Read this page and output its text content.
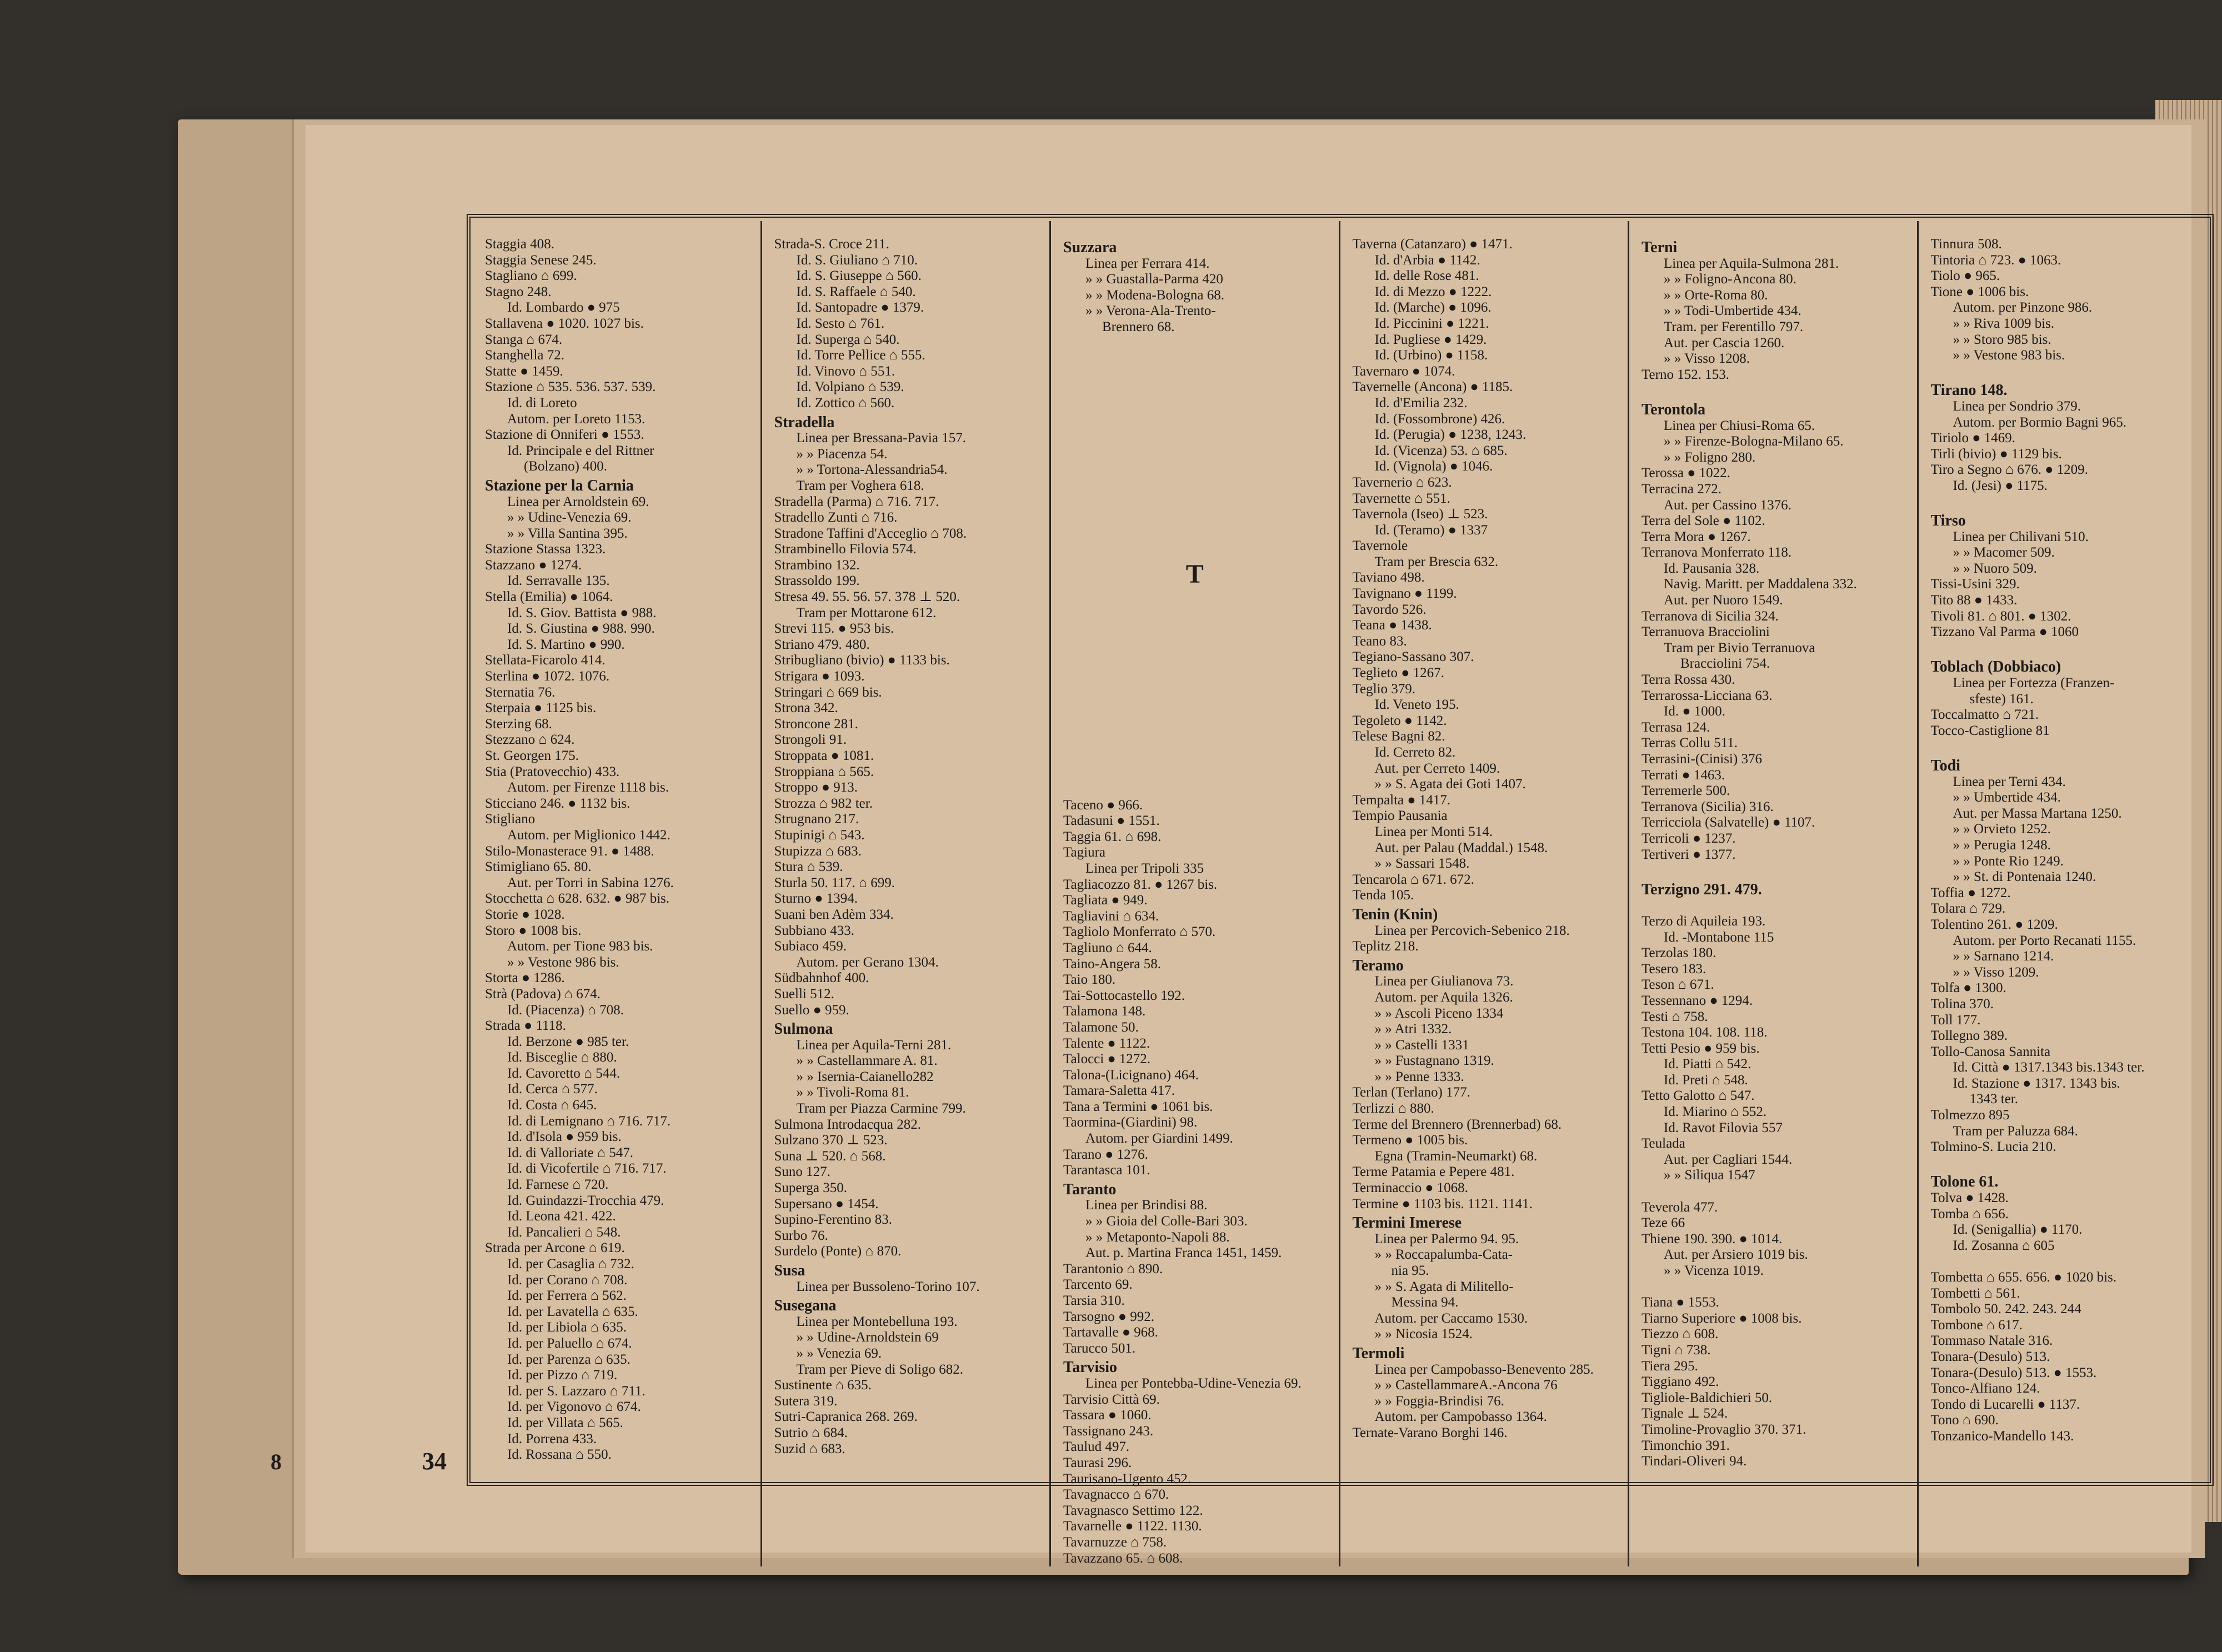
Staggia 408.
Staggia Senese 245.
Stagliano ⌂ 699.
Stagno 248.
Id. Lombardo ● 975
Stallavena ● 1020. 1027 bis.
Stanga ⌂ 674.
Stanghella 72.
Statte ● 1459.
Stazione ⌂ 535. 536. 537. 539.
Id. di Loreto
Autom. per Loreto 1153.
Stazione di Onniferi ● 1553.
Id. Principale e del Rittner
(Bolzano) 400.
Stazione per la Carnia
Linea per Arnoldstein 69.
» » Udine-Venezia 69.
» » Villa Santina 395.
Stazione Stassa 1323.
Stazzano ● 1274.
Id. Serravalle 135.
Stella (Emilia) ● 1064.
Id. S. Giov. Battista ● 988.
Id. S. Giustina ● 988. 990.
Id. S. Martino ● 990.
Stellata-Ficarolo 414.
Sterlina ● 1072. 1076.
Sternatia 76.
Sterpaia ● 1125 bis.
Sterzing 68.
Stezzano ⌂ 624.
St. Georgen 175.
Stia (Pratovecchio) 433.
Autom. per Firenze 1118 bis.
Sticciano 246. ● 1132 bis.
Stigliano
Autom. per Miglionico 1442.
Stilo-Monasterace 91. ● 1488.
Stimigliano 65. 80.
Aut. per Torri in Sabina 1276.
Stocchetta ⌂ 628. 632. ● 987 bis.
Storie ● 1028.
Storo ● 1008 bis.
Autom. per Tione 983 bis.
» » Vestone 986 bis.
Storta ● 1286.
Strà (Padova) ⌂ 674.
Id. (Piacenza) ⌂ 708.
Strada ● 1118.
Id. Berzone ● 985 ter.
Id. Bisceglie ⌂ 880.
Id. Cavoretto ⌂ 544.
Id. Cerca ⌂ 577.
Id. Costa ⌂ 645.
Id. di Lemignano ⌂ 716. 717.
Id. d'Isola ● 959 bis.
Id. di Valloriate ⌂ 547.
Id. di Vicofertile ⌂ 716. 717.
Id. Farnese ⌂ 720.
Id. Guindazzi-Trocchia 479.
Id. Leona 421. 422.
Id. Pancalieri ⌂ 548.
Strada per Arcone ⌂ 619.
Id. per Casaglia ⌂ 732.
Id. per Corano ⌂ 708.
Id. per Ferrera ⌂ 562.
Id. per Lavatella ⌂ 635.
Id. per Libiola ⌂ 635.
Id. per Paluello ⌂ 674.
Id. per Parenza ⌂ 635.
Id. per Pizzo ⌂ 719.
Id. per S. Lazzaro ⌂ 711.
Id. per Vigonovo ⌂ 674.
Id. per Villata ⌂ 565.
Id. Porrena 433.
Id. Rossana ⌂ 550.
Strada-S. Croce 211.
Id. S. Giuliano ⌂ 710.
Id. S. Giuseppe ⌂ 560.
Id. S. Raffaele ⌂ 540.
Id. Santopadre ● 1379.
Id. Sesto ⌂ 761.
Id. Superga ⌂ 540.
Id. Torre Pellice ⌂ 555.
Id. Vinovo ⌂ 551.
Id. Volpiano ⌂ 539.
Id. Zottico ⌂ 560.
Stradella
Linea per Bressana-Pavia 157.
» » Piacenza 54.
» » Tortona-Alessandria54.
Tram per Voghera 618.
Stradella (Parma) ⌂ 716. 717.
Stradello Zunti ⌂ 716.
Stradone Taffini d'Acceglio ⌂ 708.
Strambinello Filovia 574.
Strambino 132.
Strassoldo 199.
Stresa 49. 55. 56. 57. 378 ⊥ 520.
Tram per Mottarone 612.
Strevi 115. ● 953 bis.
Striano 479. 480.
Stribugliano (bivio) ● 1133 bis.
Strigara ● 1093.
Stringari ⌂ 669 bis.
Strona 342.
Stroncone 281.
Strongoli 91.
Stroppata ● 1081.
Stroppiana ⌂ 565.
Stroppo ● 913.
Strozza ⌂ 982 ter.
Strugnano 217.
Stupinigi ⌂ 543.
Stupizza ⌂ 683.
Stura ⌂ 539.
Sturla 50. 117. ⌂ 699.
Sturno ● 1394.
Suani ben Adèm 334.
Subbiano 433.
Subiaco 459.
Autom. per Gerano 1304.
Südbahnhof 400.
Suelli 512.
Suello ● 959.
Sulmona
Linea per Aquila-Terni 281.
» » Castellammare A. 81.
» » Isernia-Caianello282
» » Tivoli-Roma 81.
Tram per Piazza Carmine 799.
Sulmona Introdacqua 282.
Sulzano 370 ⊥ 523.
Suna ⊥ 520. ⌂ 568.
Suno 127.
Superga 350.
Supersano ● 1454.
Supino-Ferentino 83.
Surbo 76.
Surdelo (Ponte) ⌂ 870.
Susa
Linea per Bussoleno-Torino 107.
Susegana
Linea per Montebelluna 193.
» » Udine-Arnoldstein 69
» » Venezia 69.
Tram per Pieve di Soligo 682.
Sustinente ⌂ 635.
Sutera 319.
Sutri-Capranica 268. 269.
Sutrio ⌂ 684.
Suzid ⌂ 683.
Suzzara
Linea per Ferrara 414.
» » Guastalla-Parma 420
» » Modena-Bologna 68.
» » Verona-Ala-Trento-
Brennero 68.
T
Taceno ● 966.
Tadasuni ● 1551.
Taggia 61. ⌂ 698.
Tagiura
Linea per Tripoli 335
Tagliacozzo 81. ● 1267 bis.
Tagliata ● 949.
Tagliavini ⌂ 634.
Tagliolo Monferrato ⌂ 570.
Tagliuno ⌂ 644.
Taino-Angera 58.
Taio 180.
Tai-Sottocastello 192.
Talamona 148.
Talamone 50.
Talente ● 1122.
Talocci ● 1272.
Talona-(Licignano) 464.
Tamara-Saletta 417.
Tana a Termini ● 1061 bis.
Taormina-(Giardini) 98.
Autom. per Giardini 1499.
Tarano ● 1276.
Tarantasca 101.
Taranto
Linea per Brindisi 88.
» » Gioia del Colle-Bari 303.
» » Metaponto-Napoli 88.
Aut. p. Martina Franca 1451, 1459.
Tarantonio ⌂ 890.
Tarcento 69.
Tarsia 310.
Tarsogno ● 992.
Tartavalle ● 968.
Tarucco 501.
Tarvisio
Linea per Pontebba-Udine-Venezia 69.
Tarvisio Città 69.
Tassara ● 1060.
Tassignano 243.
Taulud 497.
Taurasi 296.
Taurisano-Ugento 452.
Tavagnacco ⌂ 670.
Tavagnasco Settimo 122.
Tavarnelle ● 1122. 1130.
Tavarnuzze ⌂ 758.
Tavazzano 65. ⌂ 608.
Taverna (Catanzaro) ● 1471.
Id. d'Arbia ● 1142.
Id. delle Rose 481.
Id. di Mezzo ● 1222.
Id. (Marche) ● 1096.
Id. Piccinini ● 1221.
Id. Pugliese ● 1429.
Id. (Urbino) ● 1158.
Tavernaro ● 1074.
Tavernelle (Ancona) ● 1185.
Id. d'Emilia 232.
Id. (Fossombrone) 426.
Id. (Perugia) ● 1238, 1243.
Id. (Vicenza) 53. ⌂ 685.
Id. (Vignola) ● 1046.
Tavernerio ⌂ 623.
Tavernette ⌂ 551.
Tavernola (Iseo) ⊥ 523.
Id. (Teramo) ● 1337
Tavernole
Tram per Brescia 632.
Taviano 498.
Tavignano ● 1199.
Tavordo 526.
Teana ● 1438.
Teano 83.
Tegiano-Sassano 307.
Teglieto ● 1267.
Teglio 379.
Id. Veneto 195.
Tegoleto ● 1142.
Telese Bagni 82.
Id. Cerreto 82.
Aut. per Cerreto 1409.
» » S. Agata dei Goti 1407.
Tempalta ● 1417.
Tempio Pausania
Linea per Monti 514.
Aut. per Palau (Maddal.) 1548.
» » Sassari 1548.
Tencarola ⌂ 671. 672.
Tenda 105.
Tenin (Knin)
Linea per Percovich-Sebenico 218.
Teplitz 218.
Teramo
Linea per Giulianova 73.
Autom. per Aquila 1326.
» » Ascoli Piceno 1334
» » Atri 1332.
» » Castelli 1331
» » Fustagnano 1319.
» » Penne 1333.
Terlan (Terlano) 177.
Terlizzi ⌂ 880.
Terme del Brennero (Brennerbad) 68.
Termeno ● 1005 bis.
Egna (Tramin-Neumarkt) 68.
Terme Patamia e Pepere 481.
Terminaccio ● 1068.
Termine ● 1103 bis. 1121. 1141.
Termini Imerese
Linea per Palermo 94. 95.
» » Roccapalumba-Cata-
nia 95.
» » S. Agata di Militello-
Messina 94.
Autom. per Caccamo 1530.
» » Nicosia 1524.
Termoli
Linea per Campobasso-Benevento 285.
» » CastellammareA.-Ancona 76
» » Foggia-Brindisi 76.
Autom. per Campobasso 1364.
Ternate-Varano Borghi 146.
Terni
Linea per Aquila-Sulmona 281.
» » Foligno-Ancona 80.
» » Orte-Roma 80.
» » Todi-Umbertide 434.
Tram. per Ferentillo 797.
Aut. per Cascia 1260.
» » Visso 1208.
Terno 152. 153.
Terontola
Linea per Chiusi-Roma 65.
» » Firenze-Bologna-Milano 65.
» » Foligno 280.
Terossa ● 1022.
Terracina 272.
Aut. per Cassino 1376.
Terra del Sole ● 1102.
Terra Mora ● 1267.
Terranova Monferrato 118.
Id. Pausania 328.
Navig. Maritt. per Maddalena 332.
Aut. per Nuoro 1549.
Terranova di Sicilia 324.
Terranuova Bracciolini
Tram per Bivio Terranuova
Bracciolini 754.
Terra Rossa 430.
Terrarossa-Licciana 63.
Id. ● 1000.
Terrasa 124.
Terras Collu 511.
Terrasini-(Cinisi) 376
Terrati ● 1463.
Terremerle 500.
Terranova (Sicilia) 316.
Terricciola (Salvatelle) ● 1107.
Terricoli ● 1237.
Tertiveri ● 1377.
Terzigno 291. 479.
Terzo di Aquileia 193.
Id. -Montabone 115
Terzolas 180.
Tesero 183.
Teson ⌂ 671.
Tessennano ● 1294.
Testi ⌂ 758.
Testona 104. 108. 118.
Tetti Pesio ● 959 bis.
Id. Piatti ⌂ 542.
Id. Preti ⌂ 548.
Tetto Galotto ⌂ 547.
Id. Miarino ⌂ 552.
Id. Ravot Filovia 557
Teulada
Aut. per Cagliari 1544.
» » Siliqua 1547
Teverola 477.
Teze 66
Thiene 190. 390. ● 1014.
Aut. per Arsiero 1019 bis.
» » Vicenza 1019.
Tiana ● 1553.
Tiarno Superiore ● 1008 bis.
Tiezzo ⌂ 608.
Tigni ⌂ 738.
Tiera 295.
Tiggiano 492.
Tigliole-Baldichieri 50.
Tignale ⊥ 524.
Timoline-Provaglio 370. 371.
Timonchio 391.
Tindari-Oliveri 94.
Tinnura 508.
Tintoria ⌂ 723. ● 1063.
Tiolo ● 965.
Tione ● 1006 bis.
Autom. per Pinzone 986.
» » Riva 1009 bis.
» » Storo 985 bis.
» » Vestone 983 bis.
Tirano 148.
Linea per Sondrio 379.
Autom. per Bormio Bagni 965.
Tiriolo ● 1469.
Tirli (bivio) ● 1129 bis.
Tiro a Segno ⌂ 676. ● 1209.
Id. (Jesi) ● 1175.
Tirso
Linea per Chilivani 510.
» » Macomer 509.
» » Nuoro 509.
Tissi-Usini 329.
Tito 88 ● 1433.
Tivoli 81. ⌂ 801. ● 1302.
Tizzano Val Parma ● 1060
Toblach (Dobbiaco)
Linea per Fortezza (Franzen-
sfeste) 161.
Toccalmatto ⌂ 721.
Tocco-Castiglione 81
Todi
Linea per Terni 434.
» » Umbertide 434.
Aut. per Massa Martana 1250.
» » Orvieto 1252.
» » Perugia 1248.
» » Ponte Rio 1249.
» » St. di Pontenaia 1240.
Toffia ● 1272.
Tolara ⌂ 729.
Tolentino 261. ● 1209.
Autom. per Porto Recanati 1155.
» » Sarnano 1214.
» » Visso 1209.
Tolfa ● 1300.
Tolina 370.
Toll 177.
Tollegno 389.
Tollo-Canosa Sannita
Id. Città ● 1317.1343 bis.1343 ter.
Id. Stazione ● 1317. 1343 bis.
1343 ter.
Tolmezzo 895
Tram per Paluzza 684.
Tolmino-S. Lucia 210.
Tolone 61.
Tolva ● 1428.
Tomba ⌂ 656.
Id. (Senigallia) ● 1170.
Id. Zosanna ⌂ 605
Tombetta ⌂ 655. 656. ● 1020 bis.
Tombetti ⌂ 561.
Tombolo 50. 242. 243. 244
Tombone ⌂ 617.
Tommaso Natale 316.
Tonara-(Desulo) 513.
Tonara-(Desulo) 513. ● 1553.
Tonco-Alfiano 124.
Tondo di Lucarelli ● 1137.
Tono ⌂ 690.
Tonzanico-Mandello 143.
8	34
